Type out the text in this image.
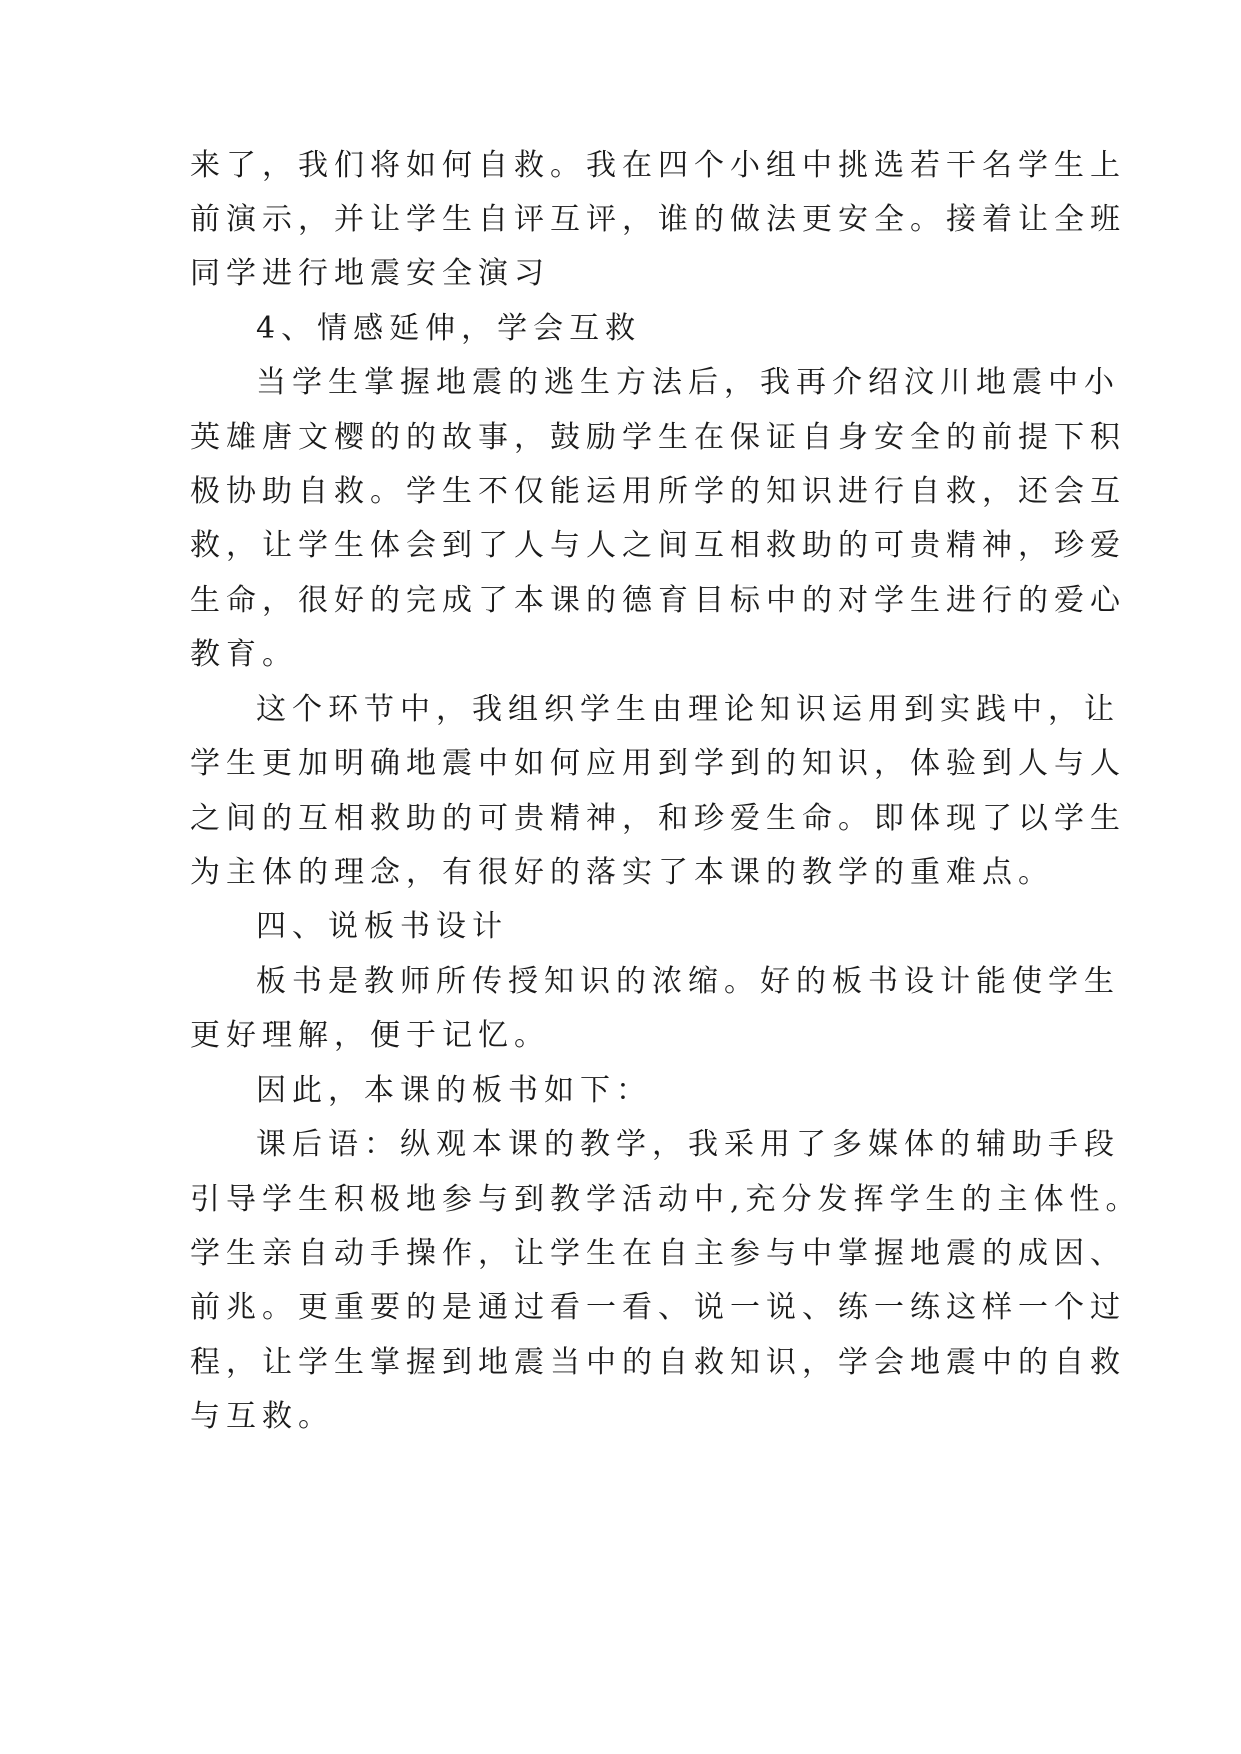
来了，我们将如何自救。我在四个小组中挑选若干名学生上
前演示，并让学生自评互评，谁的做法更安全。接着让全班
同学进行地震安全演习
4、情感延伸，学会互救
当学生掌握地震的逃生方法后，我再介绍汶川地震中小
英雄唐文樱的的故事，鼓励学生在保证自身安全的前提下积
极协助自救。学生不仅能运用所学的知识进行自救，还会互
救，让学生体会到了人与人之间互相救助的可贵精神，珍爱
生命，很好的完成了本课的德育目标中的对学生进行的爱心
教育。
这个环节中，我组织学生由理论知识运用到实践中，让
学生更加明确地震中如何应用到学到的知识，体验到人与人
之间的互相救助的可贵精神，和珍爱生命。即体现了以学生
为主体的理念，有很好的落实了本课的教学的重难点。
四、说板书设计
板书是教师所传授知识的浓缩。好的板书设计能使学生
更好理解，便于记忆。
因此，本课的板书如下：
课后语：纵观本课的教学，我采用了多媒体的辅助手段
引导学生积极地参与到教学活动中,充分发挥学生的主体性。
学生亲自动手操作，让学生在自主参与中掌握地震的成因、
前兆。更重要的是通过看一看、说一说、练一练这样一个过
程，让学生掌握到地震当中的自救知识，学会地震中的自救
与互救。
